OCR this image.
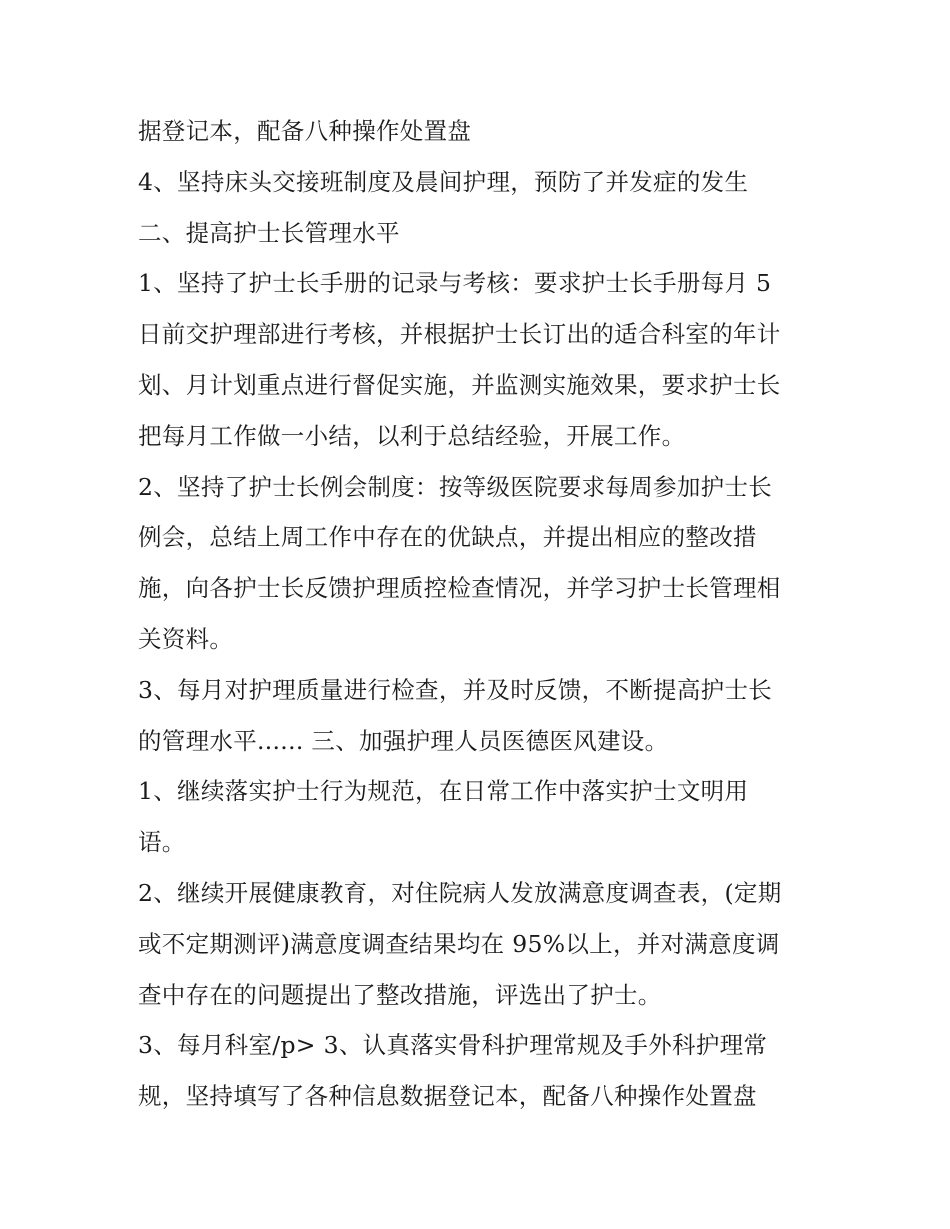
据登记本，配备八种操作处置盘
4、坚持床头交接班制度及晨间护理，预防了并发症的发生
二、提高护士长管理水平
1、坚持了护士长手册的记录与考核：要求护士长手册每月 5
日前交护理部进行考核，并根据护士长订出的适合科室的年计
划、月计划重点进行督促实施，并监测实施效果，要求护士长
把每月工作做一小结，以利于总结经验，开展工作。
2、坚持了护士长例会制度：按等级医院要求每周参加护士长
例会，总结上周工作中存在的优缺点，并提出相应的整改措
施，向各护士长反馈护理质控检查情况，并学习护士长管理相
关资料。
3、每月对护理质量进行检查，并及时反馈，不断提高护士长
的管理水平...... 三、加强护理人员医德医风建设。
1、继续落实护士行为规范，在日常工作中落实护士文明用
语。
2、继续开展健康教育，对住院病人发放满意度调查表，(定期
或不定期测评)满意度调查结果均在 95%以上，并对满意度调
查中存在的问题提出了整改措施，评选出了护士。
3、每月科室/p> 3、认真落实骨科护理常规及手外科护理常
规，坚持填写了各种信息数据登记本，配备八种操作处置盘
